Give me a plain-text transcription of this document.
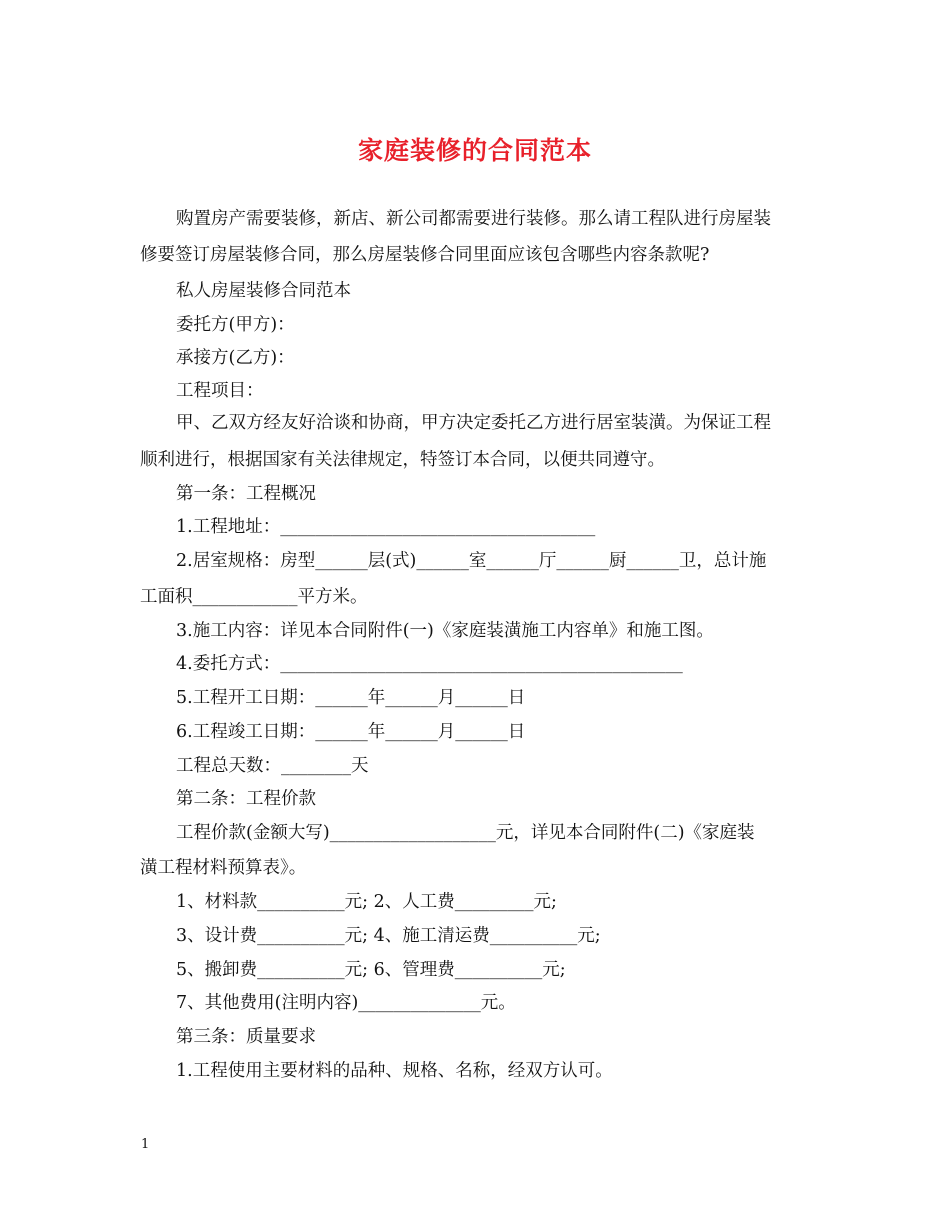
家庭装修的合同范本
购置房产需要装修，新店、新公司都需要进行装修。那么请工程队进行房屋装
修要签订房屋装修合同，那么房屋装修合同里面应该包含哪些内容条款呢?
私人房屋装修合同范本
委托方(甲方)：
承接方(乙方)：
工程项目：
甲、乙双方经友好洽谈和协商，甲方决定委托乙方进行居室装潢。为保证工程
顺利进行，根据国家有关法律规定，特签订本合同，以便共同遵守。
第一条：工程概况
1.工程地址：____________________________________
2.居室规格：房型______层(式)______室______厅______厨______卫，总计施
工面积____________平方米。
3.施工内容：详见本合同附件(一)《家庭装潢施工内容单》和施工图。
4.委托方式：______________________________________________
5.工程开工日期：______年______月______日
6.工程竣工日期：______年______月______日
工程总天数：________天
第二条：工程价款
工程价款(金额大写)___________________元，详见本合同附件(二)《家庭装
潢工程材料预算表》。
1、材料款__________元; 2、人工费_________元;
3、设计费__________元; 4、施工清运费__________元;
5、搬卸费__________元; 6、管理费__________元;
7、其他费用(注明内容)______________元。
第三条：质量要求
1.工程使用主要材料的品种、规格、名称，经双方认可。
1
